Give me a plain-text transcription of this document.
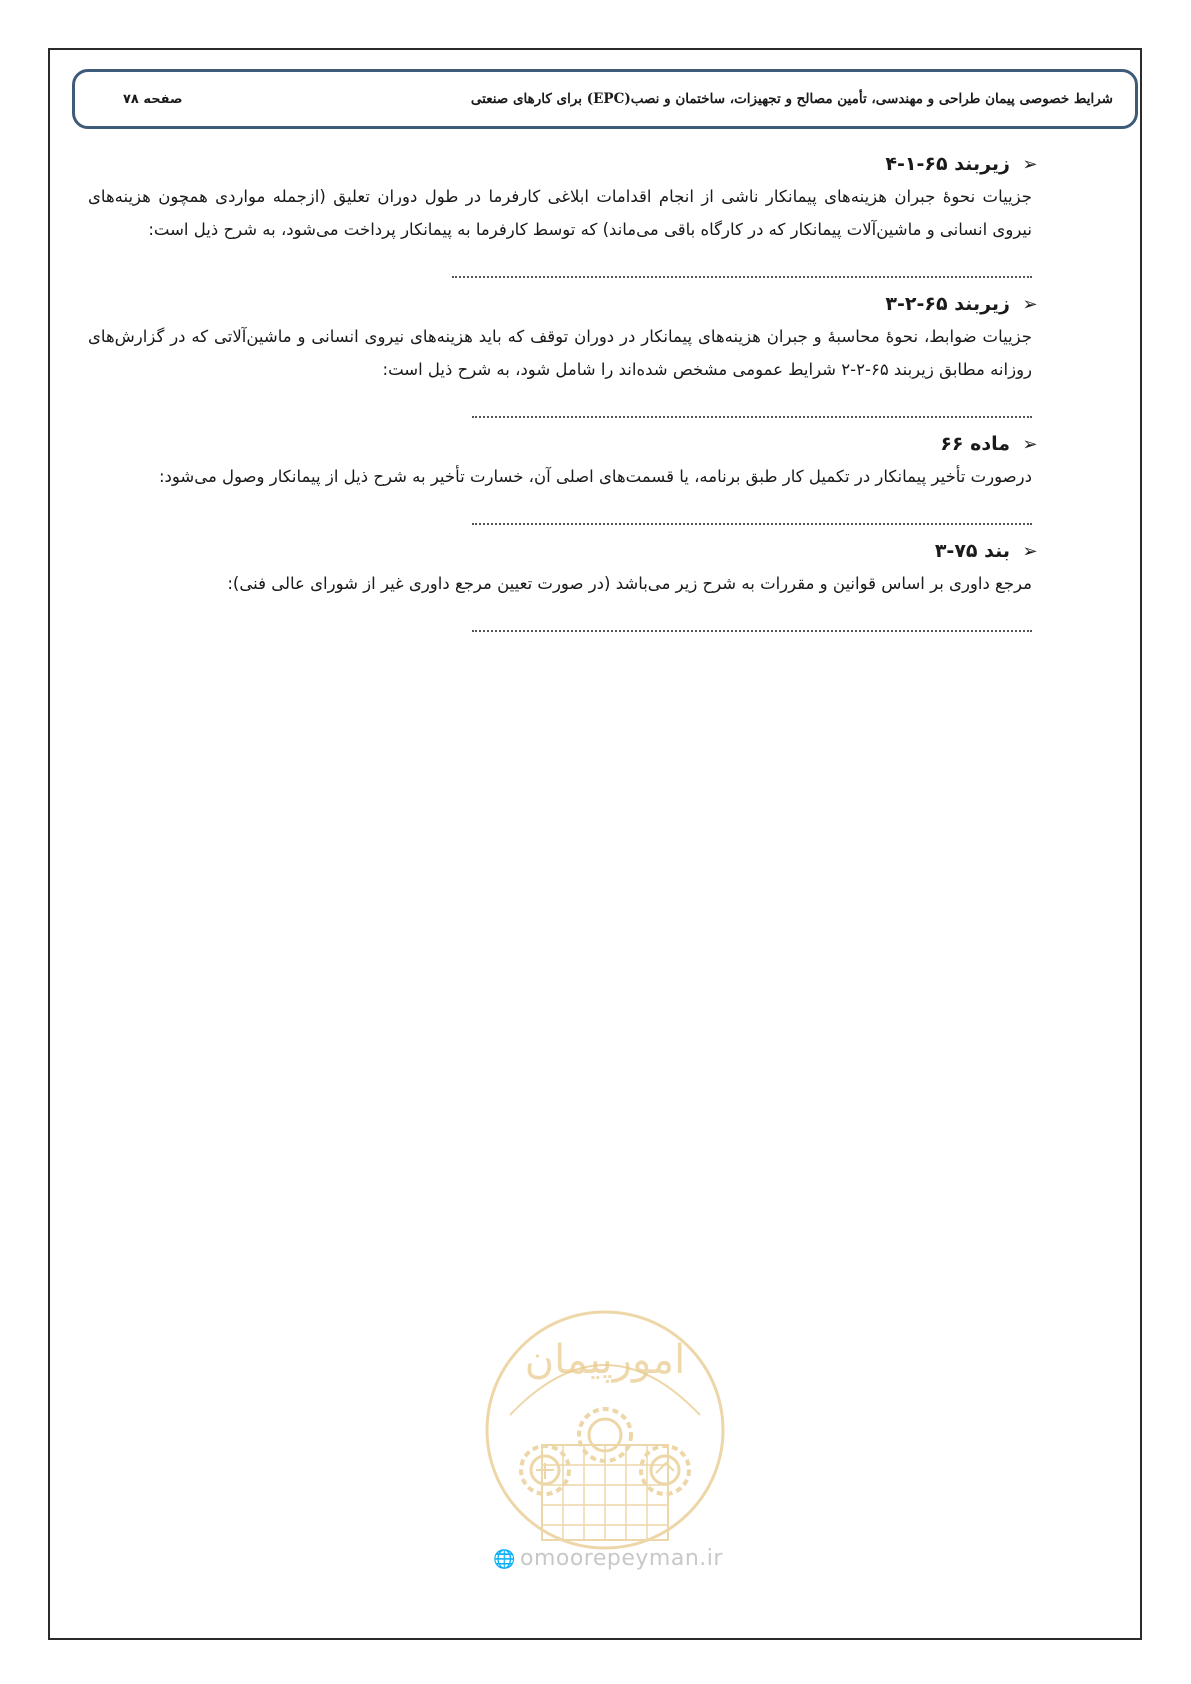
شرایط خصوصی پیمان طراحی و مهندسی، تأمین مصالح و تجهیزات، ساختمان و نصب(EPC) برای کارهای صنعتی
صفحه ۷۸
➢
زیربند ۶۵-۱-۴

جزییات نحوهٔ جبران هزینه‌های پیمانکار ناشی از انجام اقدامات ابلاغی کارفرما در طول دوران تعلیق (ازجمله مواردی همچون هزینه‌های نیروی انسانی و ماشین‌آلات پیمانکار که در کارگاه باقی می‌ماند) که توسط کارفرما به پیمانکار پرداخت می‌شود، به شرح ذیل است:

➢
زیربند ۶۵-۲-۳

جزییات ضوابط، نحوهٔ محاسبهٔ و جبران هزینه‌های پیمانکار در دوران توقف که باید هزینه‌های نیروی انسانی و ماشین‌آلاتی که در گزارش‌های روزانه مطابق زیربند ۶۵-۲-۲ شرایط عمومی مشخص شده‌اند را شامل شود، به شرح ذیل است:

➢
ماده ۶۶

درصورت تأخیر پیمانکار در تکمیل کار طبق برنامه، یا قسمت‌های اصلی آن، خسارت تأخیر به شرح ذیل از پیمانکار وصول می‌شود:

➢
بند ۷۵-۳

مرجع داوری بر اساس قوانین و مقررات به شرح زیر می‌باشد (در صورت تعیین مرجع داوری غیر از شورای عالی فنی):

امورپیمان
🌐 omoorepeyman.ir
